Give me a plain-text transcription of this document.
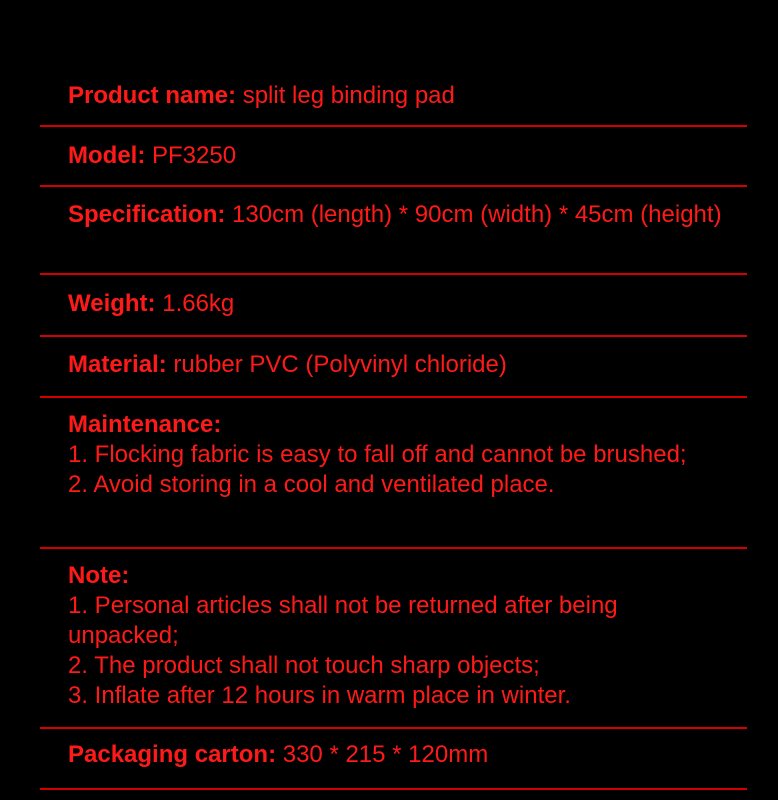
Product name: split leg binding pad
Model: PF3250
Specification: 130cm (length) * 90cm (width) * 45cm (height)
Weight: 1.66kg
Material: rubber PVC (Polyvinyl chloride)
Maintenance:
1. Flocking fabric is easy to fall off and cannot be brushed;
2. Avoid storing in a cool and ventilated place.
Note:
1. Personal articles shall not be returned after being unpacked;
2. The product shall not touch sharp objects;
3. Inflate after 12 hours in warm place in winter.
Packaging carton: 330 * 215 * 120mm
